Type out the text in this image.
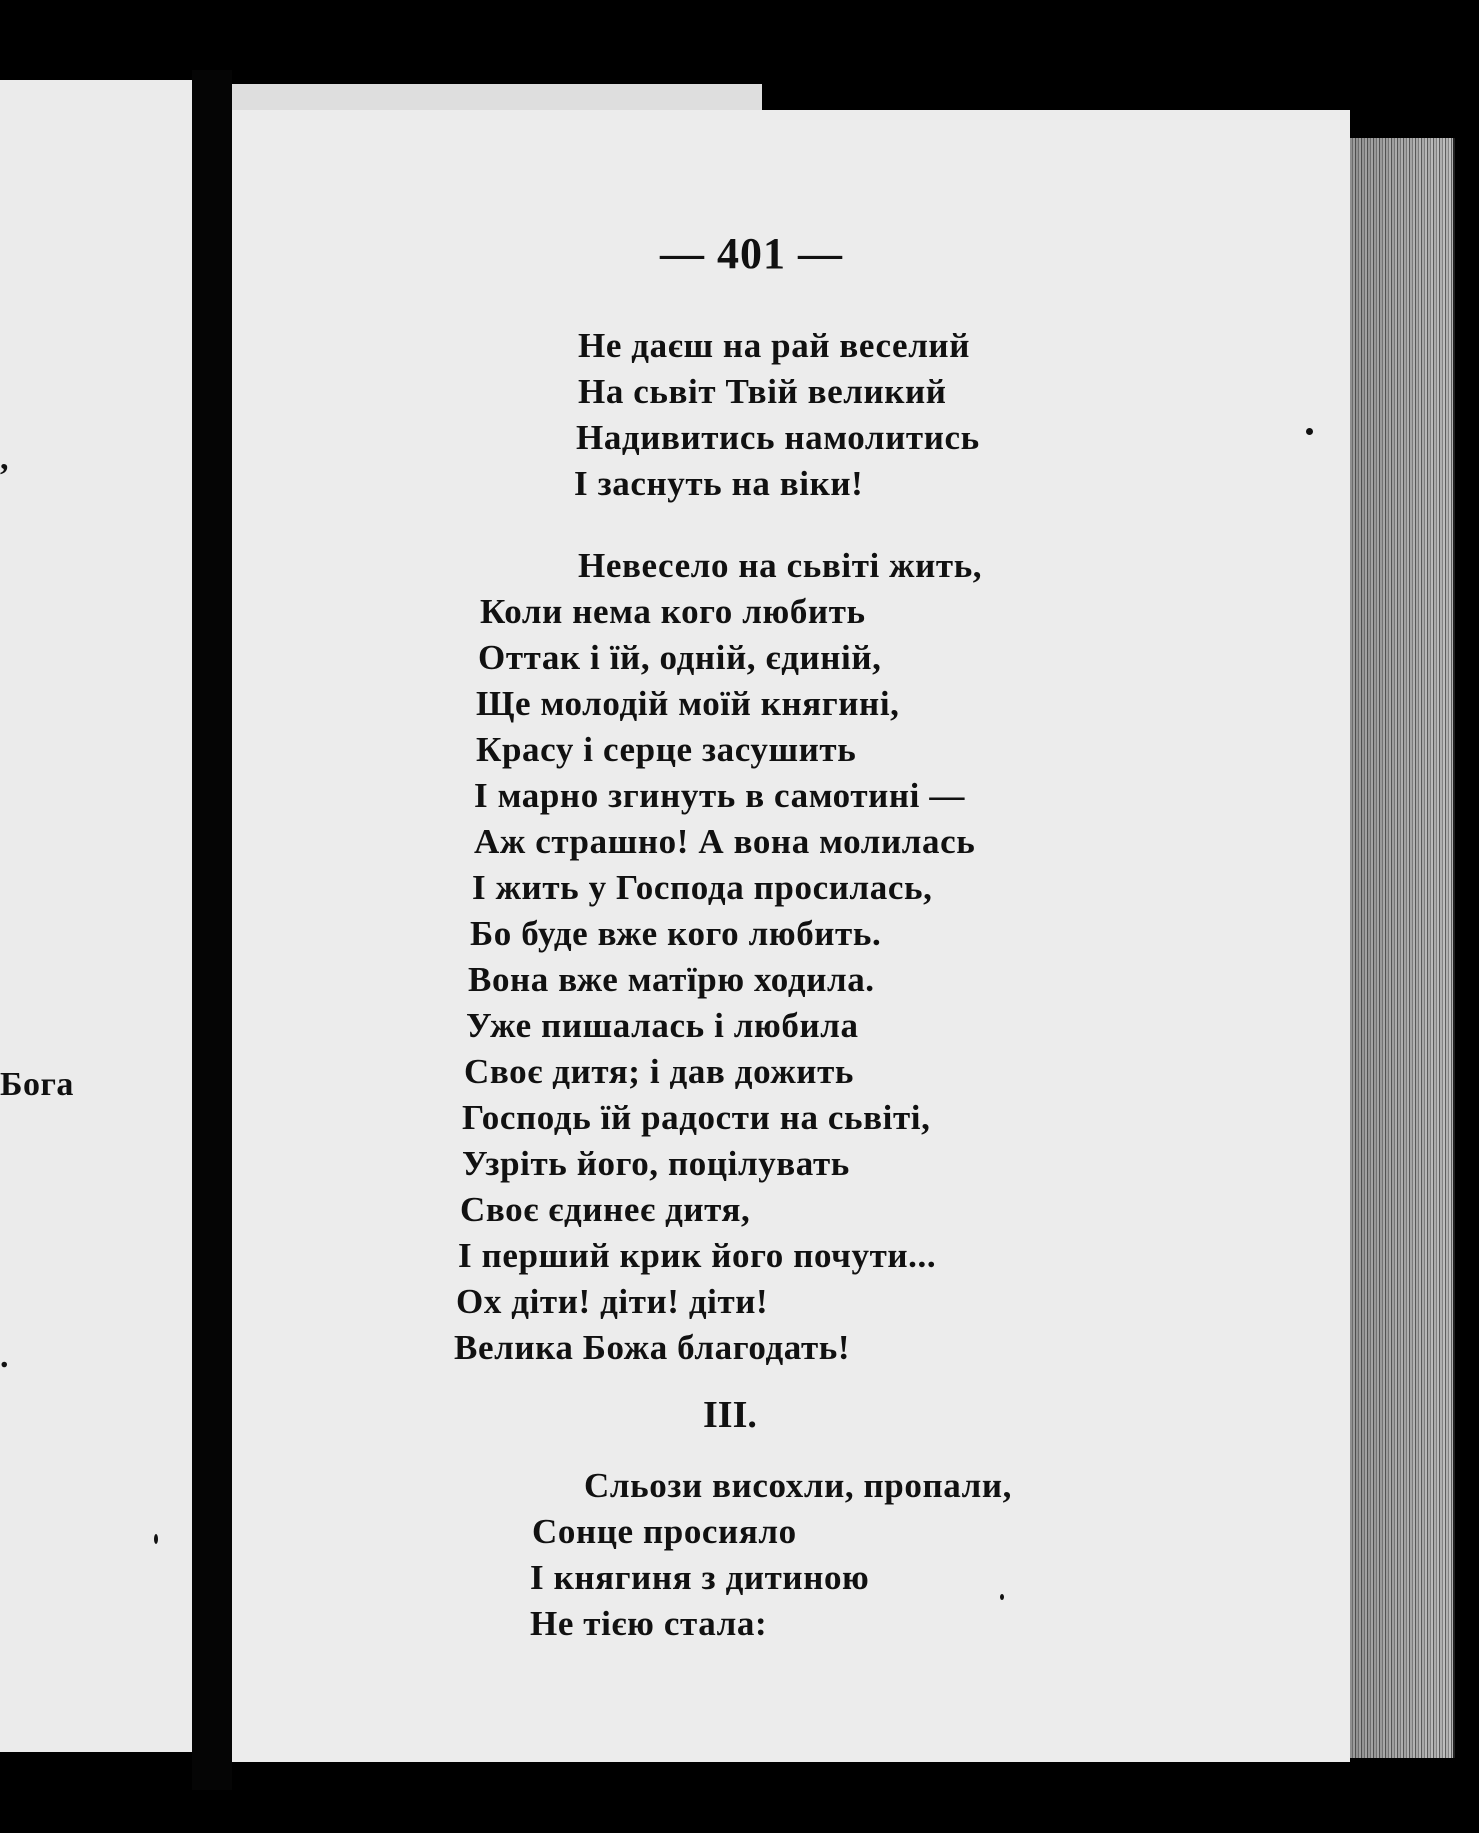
,
Бога
.
— 401 —
Не даєш на рай веселий
На сьвіт Твій великий
Надивитись намолитись
І заснуть на віки!
Невесело на сьвіті жить,
Коли нема кого любить
Оттак і їй, одній, єдиній,
Ще молодій моїй княгині,
Красу і серце засушить
І марно згинуть в самотині —
Аж страшно! А вона молилась
І жить у Господа просилась,
Бо буде вже кого любить.
Вона вже матїрю ходила.
Уже пишалась і любила
Своє дитя; і дав дожить
Господь їй радости на сьвіті,
Узріть його, поцілувать
Своє єдинеє дитя,
І перший крик його почути...
Ох діти! діти! діти!
Велика Божа благодать!
III.
Сльози висохли, пропали,
Сонце просияло
І княгиня з дитиною
Не тією стала:
